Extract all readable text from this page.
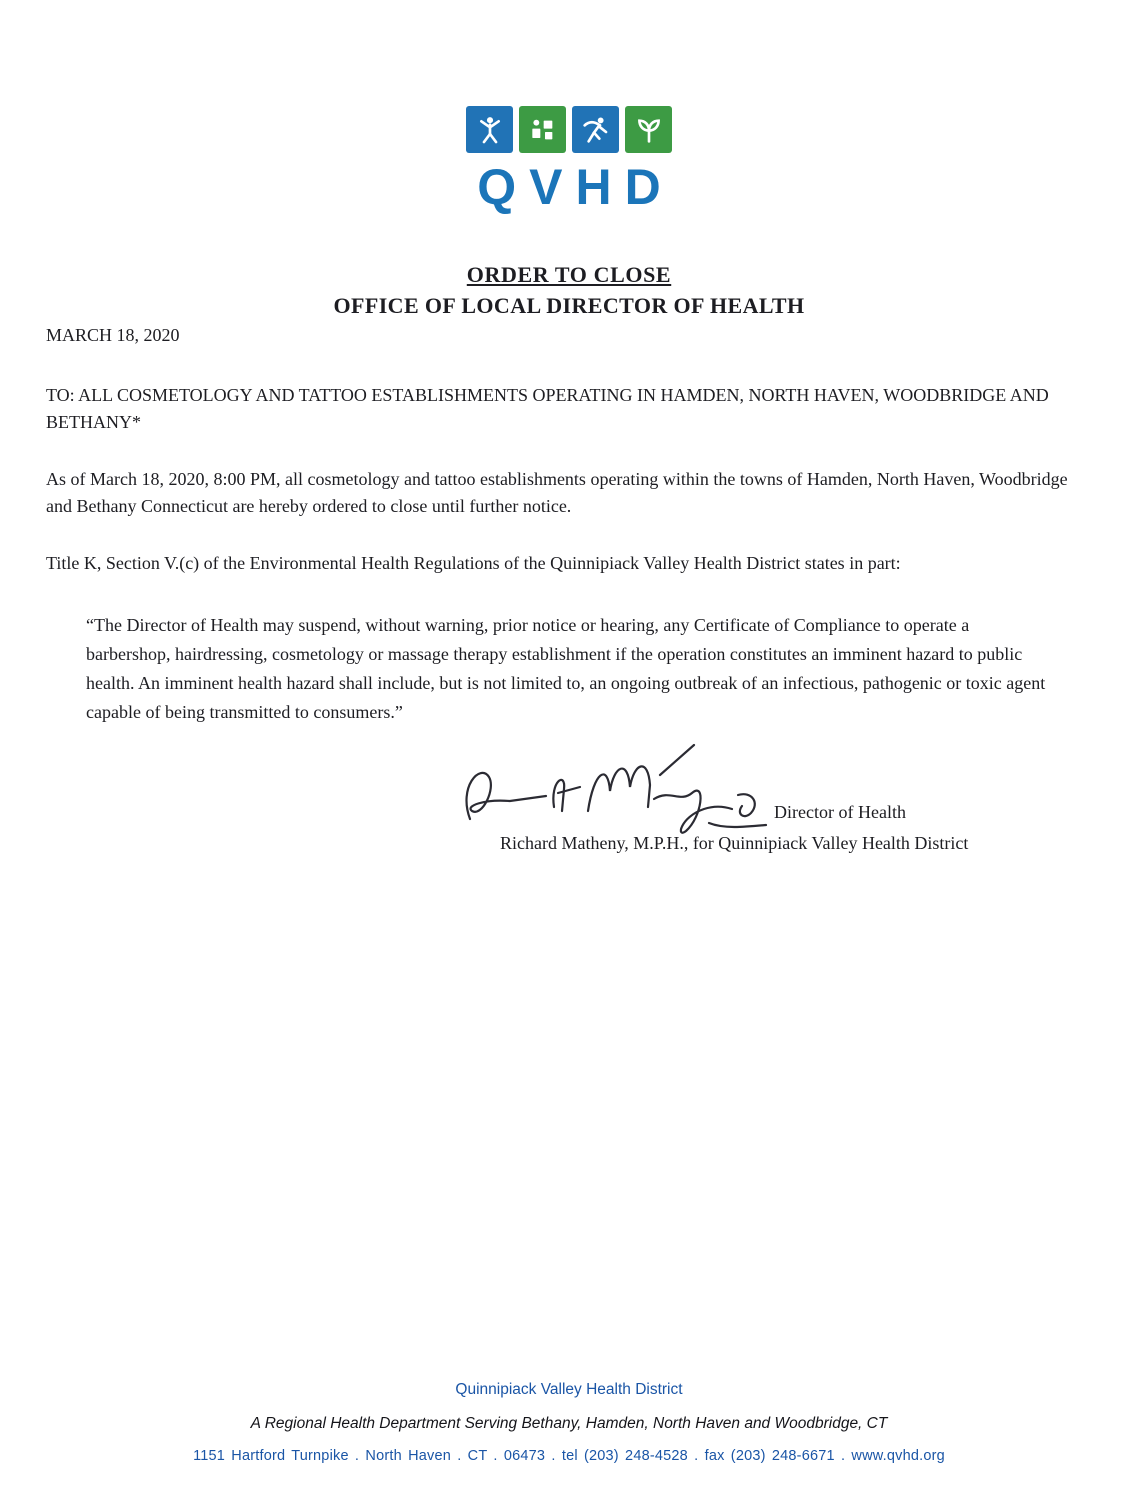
QVHD
ORDER TO CLOSE
OFFICE OF LOCAL DIRECTOR OF HEALTH
MARCH 18, 2020
TO: ALL COSMETOLOGY AND TATTOO ESTABLISHMENTS OPERATING IN HAMDEN, NORTH HAVEN, WOODBRIDGE AND BETHANY*
As of March 18, 2020, 8:00 PM, all cosmetology and tattoo establishments operating within the towns of Hamden, North Haven, Woodbridge and Bethany Connecticut are hereby ordered to close until further notice.
Title K, Section V.(c) of the Environmental Health Regulations of the Quinnipiack Valley Health District states in part:
“The Director of Health may suspend, without warning, prior notice or hearing, any Certificate of Compliance to operate a barbershop, hairdressing, cosmetology or massage therapy establishment if the operation constitutes an imminent hazard to public health. An imminent health hazard shall include, but is not limited to, an ongoing outbreak of an infectious, pathogenic or toxic agent capable of being transmitted to consumers.”
Director of Health
Richard Matheny, M.P.H., for Quinnipiack Valley Health District
Quinnipiack Valley Health District
A Regional Health Department Serving Bethany, Hamden, North Haven and Woodbridge, CT
1151 Hartford Turnpike . North Haven . CT . 06473 . tel (203) 248-4528 . fax (203) 248-6671 . www.qvhd.org
